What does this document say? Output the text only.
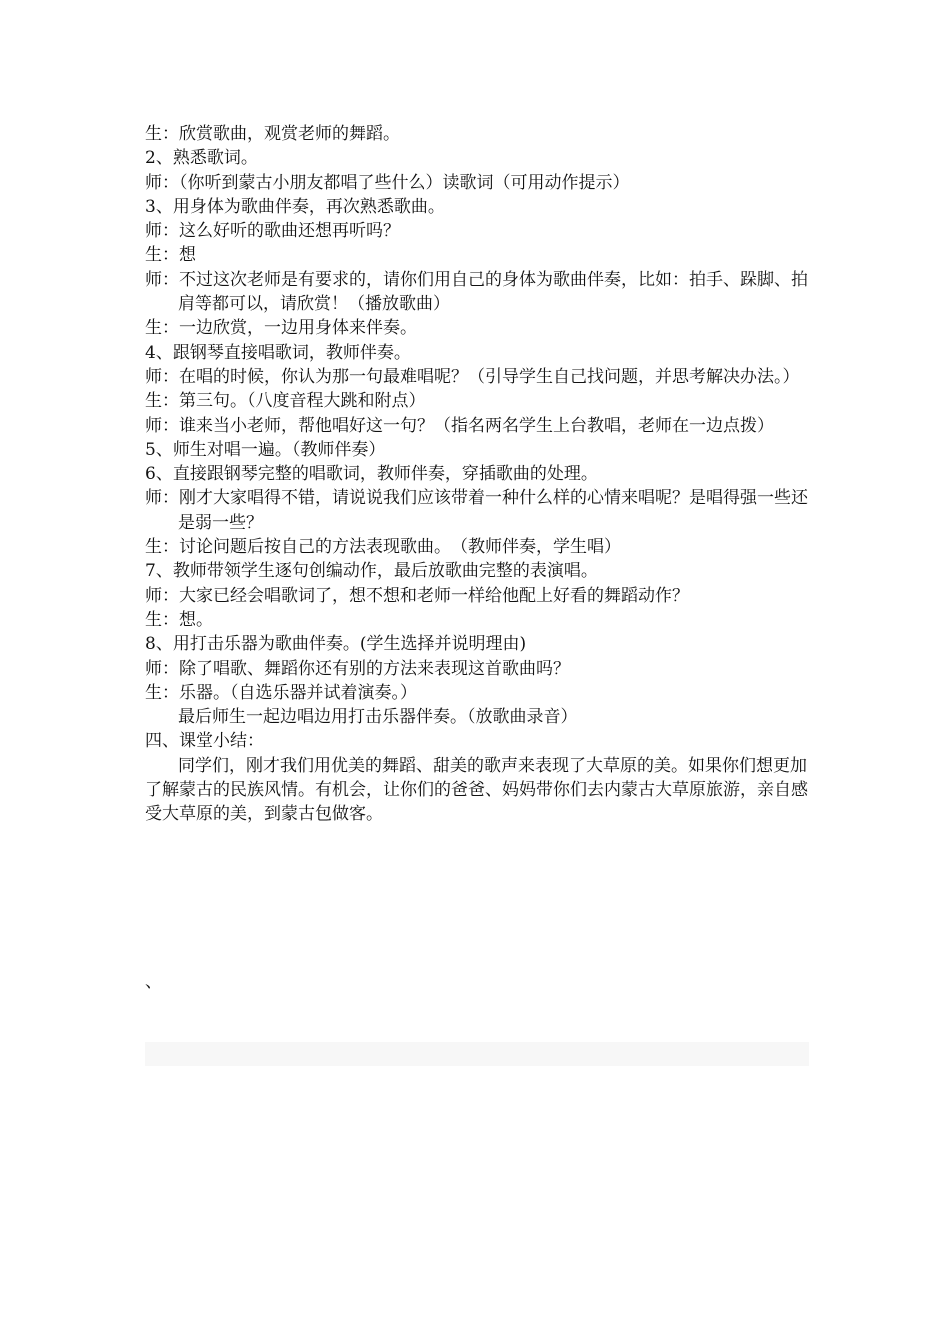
生：欣赏歌曲，观赏老师的舞蹈。
2、熟悉歌词。
师：（你听到蒙古小朋友都唱了些什么）读歌词（可用动作提示）
3、用身体为歌曲伴奏，再次熟悉歌曲。
师：这么好听的歌曲还想再听吗？
生：想
师：不过这次老师是有要求的，请你们用自己的身体为歌曲伴奏，比如：拍手、跺脚、拍肩等都可以，请欣赏！（播放歌曲）
生：一边欣赏，一边用身体来伴奏。
4、跟钢琴直接唱歌词，教师伴奏。
师：在唱的时候，你认为那一句最难唱呢？（引导学生自己找问题，并思考解决办法。）
生：第三句。（八度音程大跳和附点）
师：谁来当小老师，帮他唱好这一句？（指名两名学生上台教唱，老师在一边点拨）
5、师生对唱一遍。（教师伴奏）
6、直接跟钢琴完整的唱歌词，教师伴奏，穿插歌曲的处理。
师：刚才大家唱得不错，请说说我们应该带着一种什么样的心情来唱呢？是唱得强一些还是弱一些？
生：讨论问题后按自己的方法表现歌曲。　（教师伴奏，学生唱）
7、教师带领学生逐句创编动作，最后放歌曲完整的表演唱。
师：大家已经会唱歌词了，想不想和老师一样给他配上好看的舞蹈动作？
生：想。
8、用打击乐器为歌曲伴奏。(学生选择并说明理由)
师：除了唱歌、舞蹈你还有别的方法来表现这首歌曲吗？
生：乐器。（自选乐器并试着演奏。）
最后师生一起边唱边用打击乐器伴奏。（放歌曲录音）
四、课堂小结：
同学们，刚才我们用优美的舞蹈、甜美的歌声来表现了大草原的美。如果你们想更加了解蒙古的民族风情。有机会，让你们的爸爸、妈妈带你们去内蒙古大草原旅游，亲自感受大草原的美，到蒙古包做客。
、
